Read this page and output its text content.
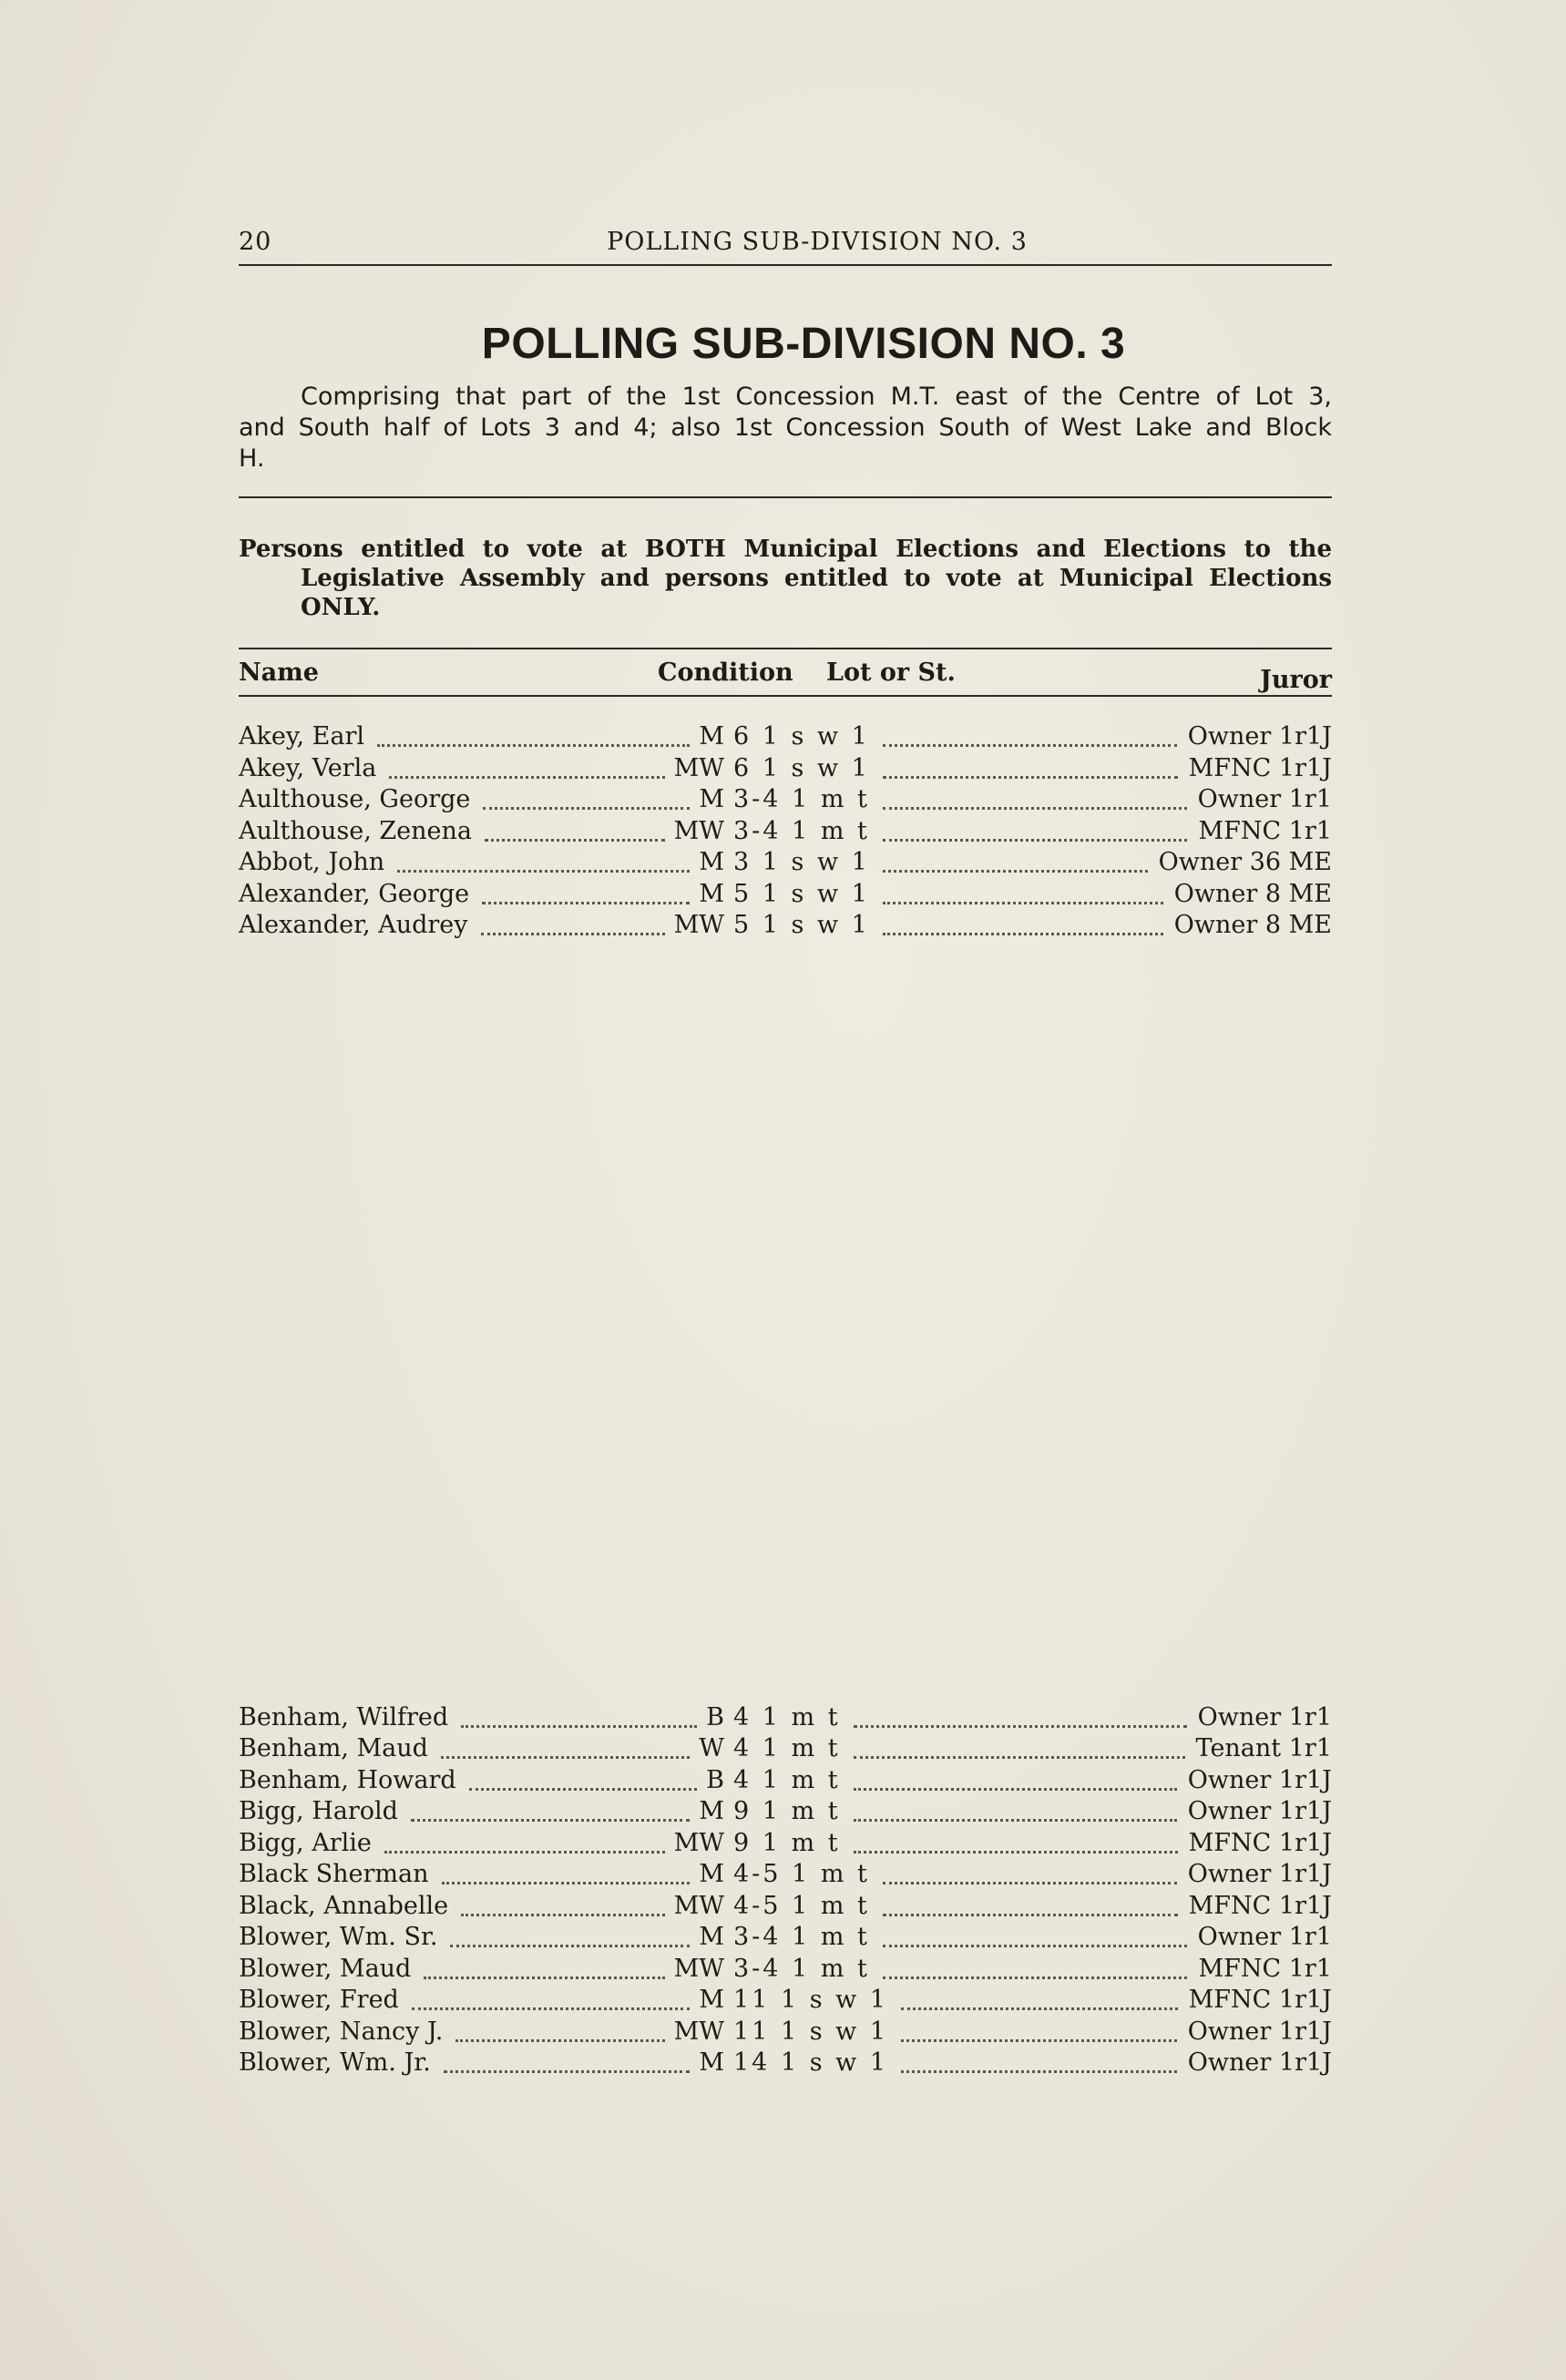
20	POLLING SUB-DIVISION NO. 3
POLLING SUB-DIVISION NO. 3
Comprising that part of the 1st Concession M.T. east of the Centre of Lot 3, and South half of Lots 3 and 4; also 1st Concession South of West Lake and Block H.
Persons entitled to vote at BOTH Municipal Elections and Elections to the Legislative Assembly and persons entitled to vote at Municipal Elections ONLY.
Name	Condition Lot or St.	Juror
Akey, Earl	M 6 1 s w 1	Owner 1r1J
Akey, Verla	MW 6 1 s w 1	MFNC 1r1J
Aulthouse, George	M 3-4 1 m t	Owner 1r1
Aulthouse, Zenena	MW 3-4 1 m t	MFNC 1r1
Abbot, John	M 3 1 s w 1	Owner 36 ME
Alexander, George	M 5 1 s w 1	Owner 8 ME
Alexander, Audrey	MW 5 1 s w 1	Owner 8 ME
Benham, Wilfred	B 4 1 m t	Owner 1r1
Benham, Maud	W 4 1 m t	Tenant 1r1
Benham, Howard	B 4 1 m t	Owner 1r1J
Bigg, Harold	M 9 1 m t	Owner 1r1J
Bigg, Arlie	MW 9 1 m t	MFNC 1r1J
Black Sherman	M 4-5 1 m t	Owner 1r1J
Black, Annabelle	MW 4-5 1 m t	MFNC 1r1J
Blower, Wm. Sr.	M 3-4 1 m t	Owner 1r1
Blower, Maud	MW 3-4 1 m t	MFNC 1r1
Blower, Fred	M 11 1 s w 1	MFNC 1r1J
Blower, Nancy J.	MW 11 1 s w 1	Owner 1r1J
Blower, Wm. Jr.	M 14 1 s w 1	Owner 1r1J
